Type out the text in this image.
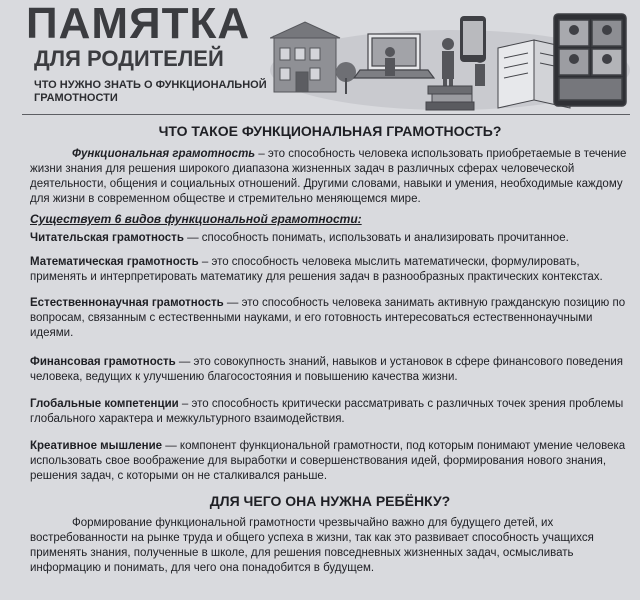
ПАМЯТКА
ДЛЯ РОДИТЕЛЕЙ
ЧТО НУЖНО ЗНАТЬ О ФУНКЦИОНАЛЬНОЙ ГРАМОТНОСТИ
ЧТО ТАКОЕ ФУНКЦИОНАЛЬНАЯ ГРАМОТНОСТЬ?

Функциональная грамотность – это способность человека использовать приобретаемые в течение жизни знания для решения широкого диапазона жизненных задач в различных сферах человеческой деятельности, общения и социальных отношений. Другими словами, навыки и умения, необходимые каждому для жизни в современном обществе и стремительно меняющемся мире.

Существует 6 видов функциональной грамотности:

Читательская грамотность — способность понимать, использовать и анализировать прочитанное.

Математическая грамотность – это способность человека мыслить математически, формулировать, применять и интерпретировать математику для решения задач в разнообразных практических контекстах.

Естественнонаучная грамотность — это способность человека занимать активную гражданскую позицию по вопросам, связанным с естественными науками, и его готовность интересоваться естественнонаучными идеями.

Финансовая грамотность — это совокупность знаний, навыков и установок в сфере финансового поведения человека, ведущих к улучшению благосостояния и повышению качества жизни.

Глобальные компетенции – это способность критически рассматривать с различных точек зрения проблемы глобального характера и межкультурного взаимодействия.

Креативное мышление — компонент функциональной грамотности, под которым понимают умение человека использовать свое воображение для выработки и совершенствования идей, формирования нового знания, решения задач, с которыми он не сталкивался раньше.

ДЛЯ ЧЕГО ОНА НУЖНА РЕБЁНКУ?

Формирование функциональной грамотности чрезвычайно важно для будущего детей, их востребованности на рынке труда и общего успеха в жизни, так как это развивает способность учащихся применять знания, полученные в школе, для решения повседневных жизненных задач, осмысливать информацию и понимать, для чего она понадобится в будущем.
